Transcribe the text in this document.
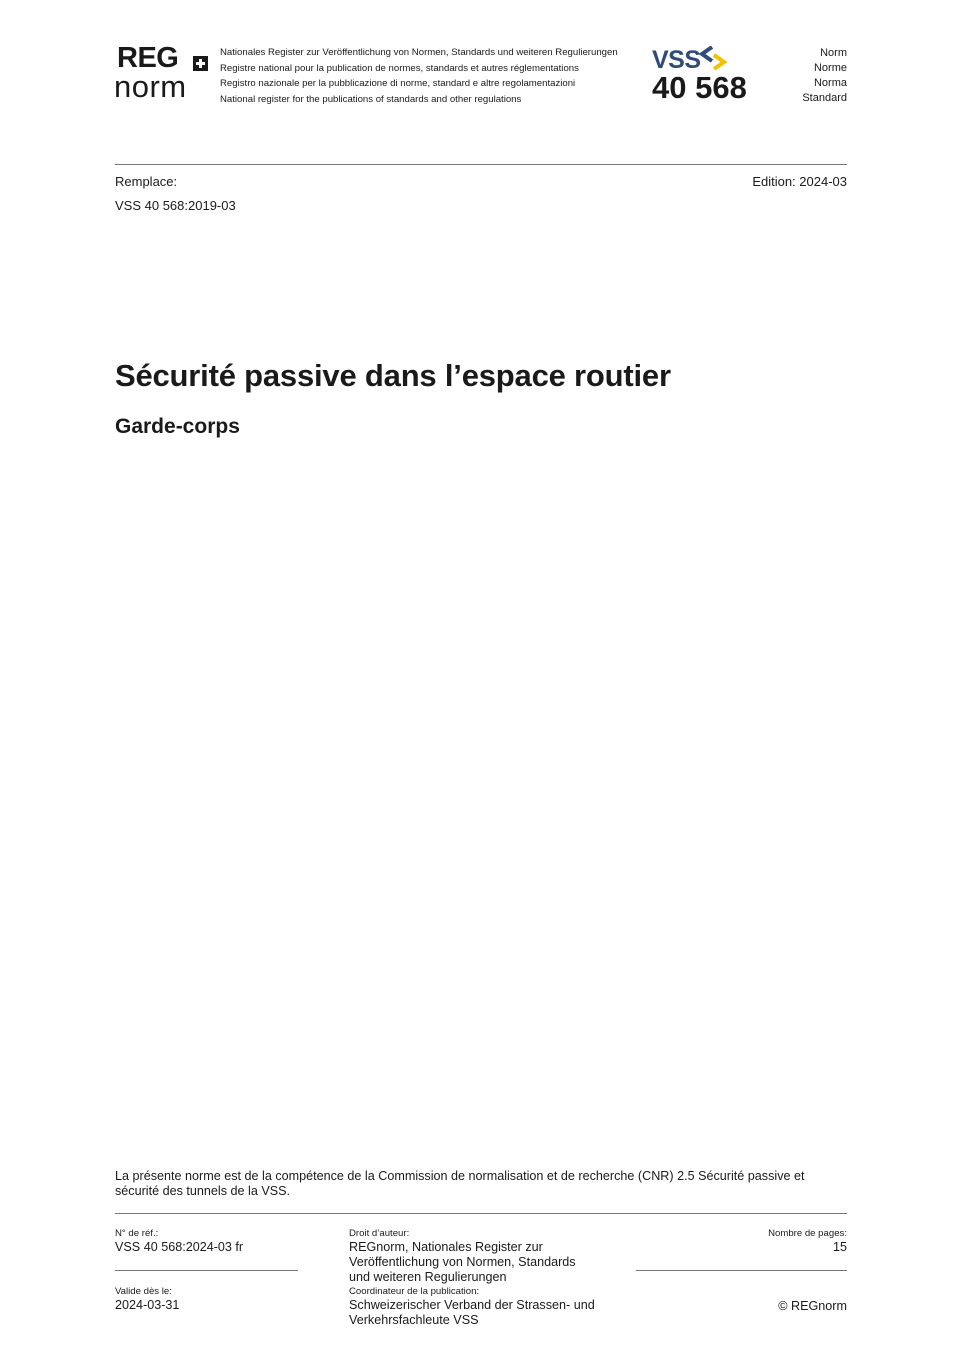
REG
norm
Nationales Register zur Veröffentlichung von Normen, Standards und weiteren Regulierungen
Registre national pour la publication de normes, standards et autres réglementations
Registro nazionale per la pubblicazione di norme, standard e altre regolamentazioni
National register for the publications of standards and other regulations
VSS
40 568
Norm
Norme
Norma
Standard
Remplace:	Edition: 2024-03
VSS 40 568:2019-03
Sécurité passive dans l’espace routier
Garde-corps
La présente norme est de la compétence de la Commission de normalisation et de recherche (CNR) 2.5 Sécurité passive et sécurité des tunnels de la VSS.
N° de réf.:
VSS 40 568:2024-03 fr
Valide dès le:
2024-03-31
Droit d’auteur:
REGnorm, Nationales Register zur Veröffentlichung von Normen, Standards und weiteren Regulierungen
Coordinateur de la publication:
Schweizerischer Verband der Strassen- und Verkehrsfachleute VSS
Nombre de pages:
15
© REGnorm
